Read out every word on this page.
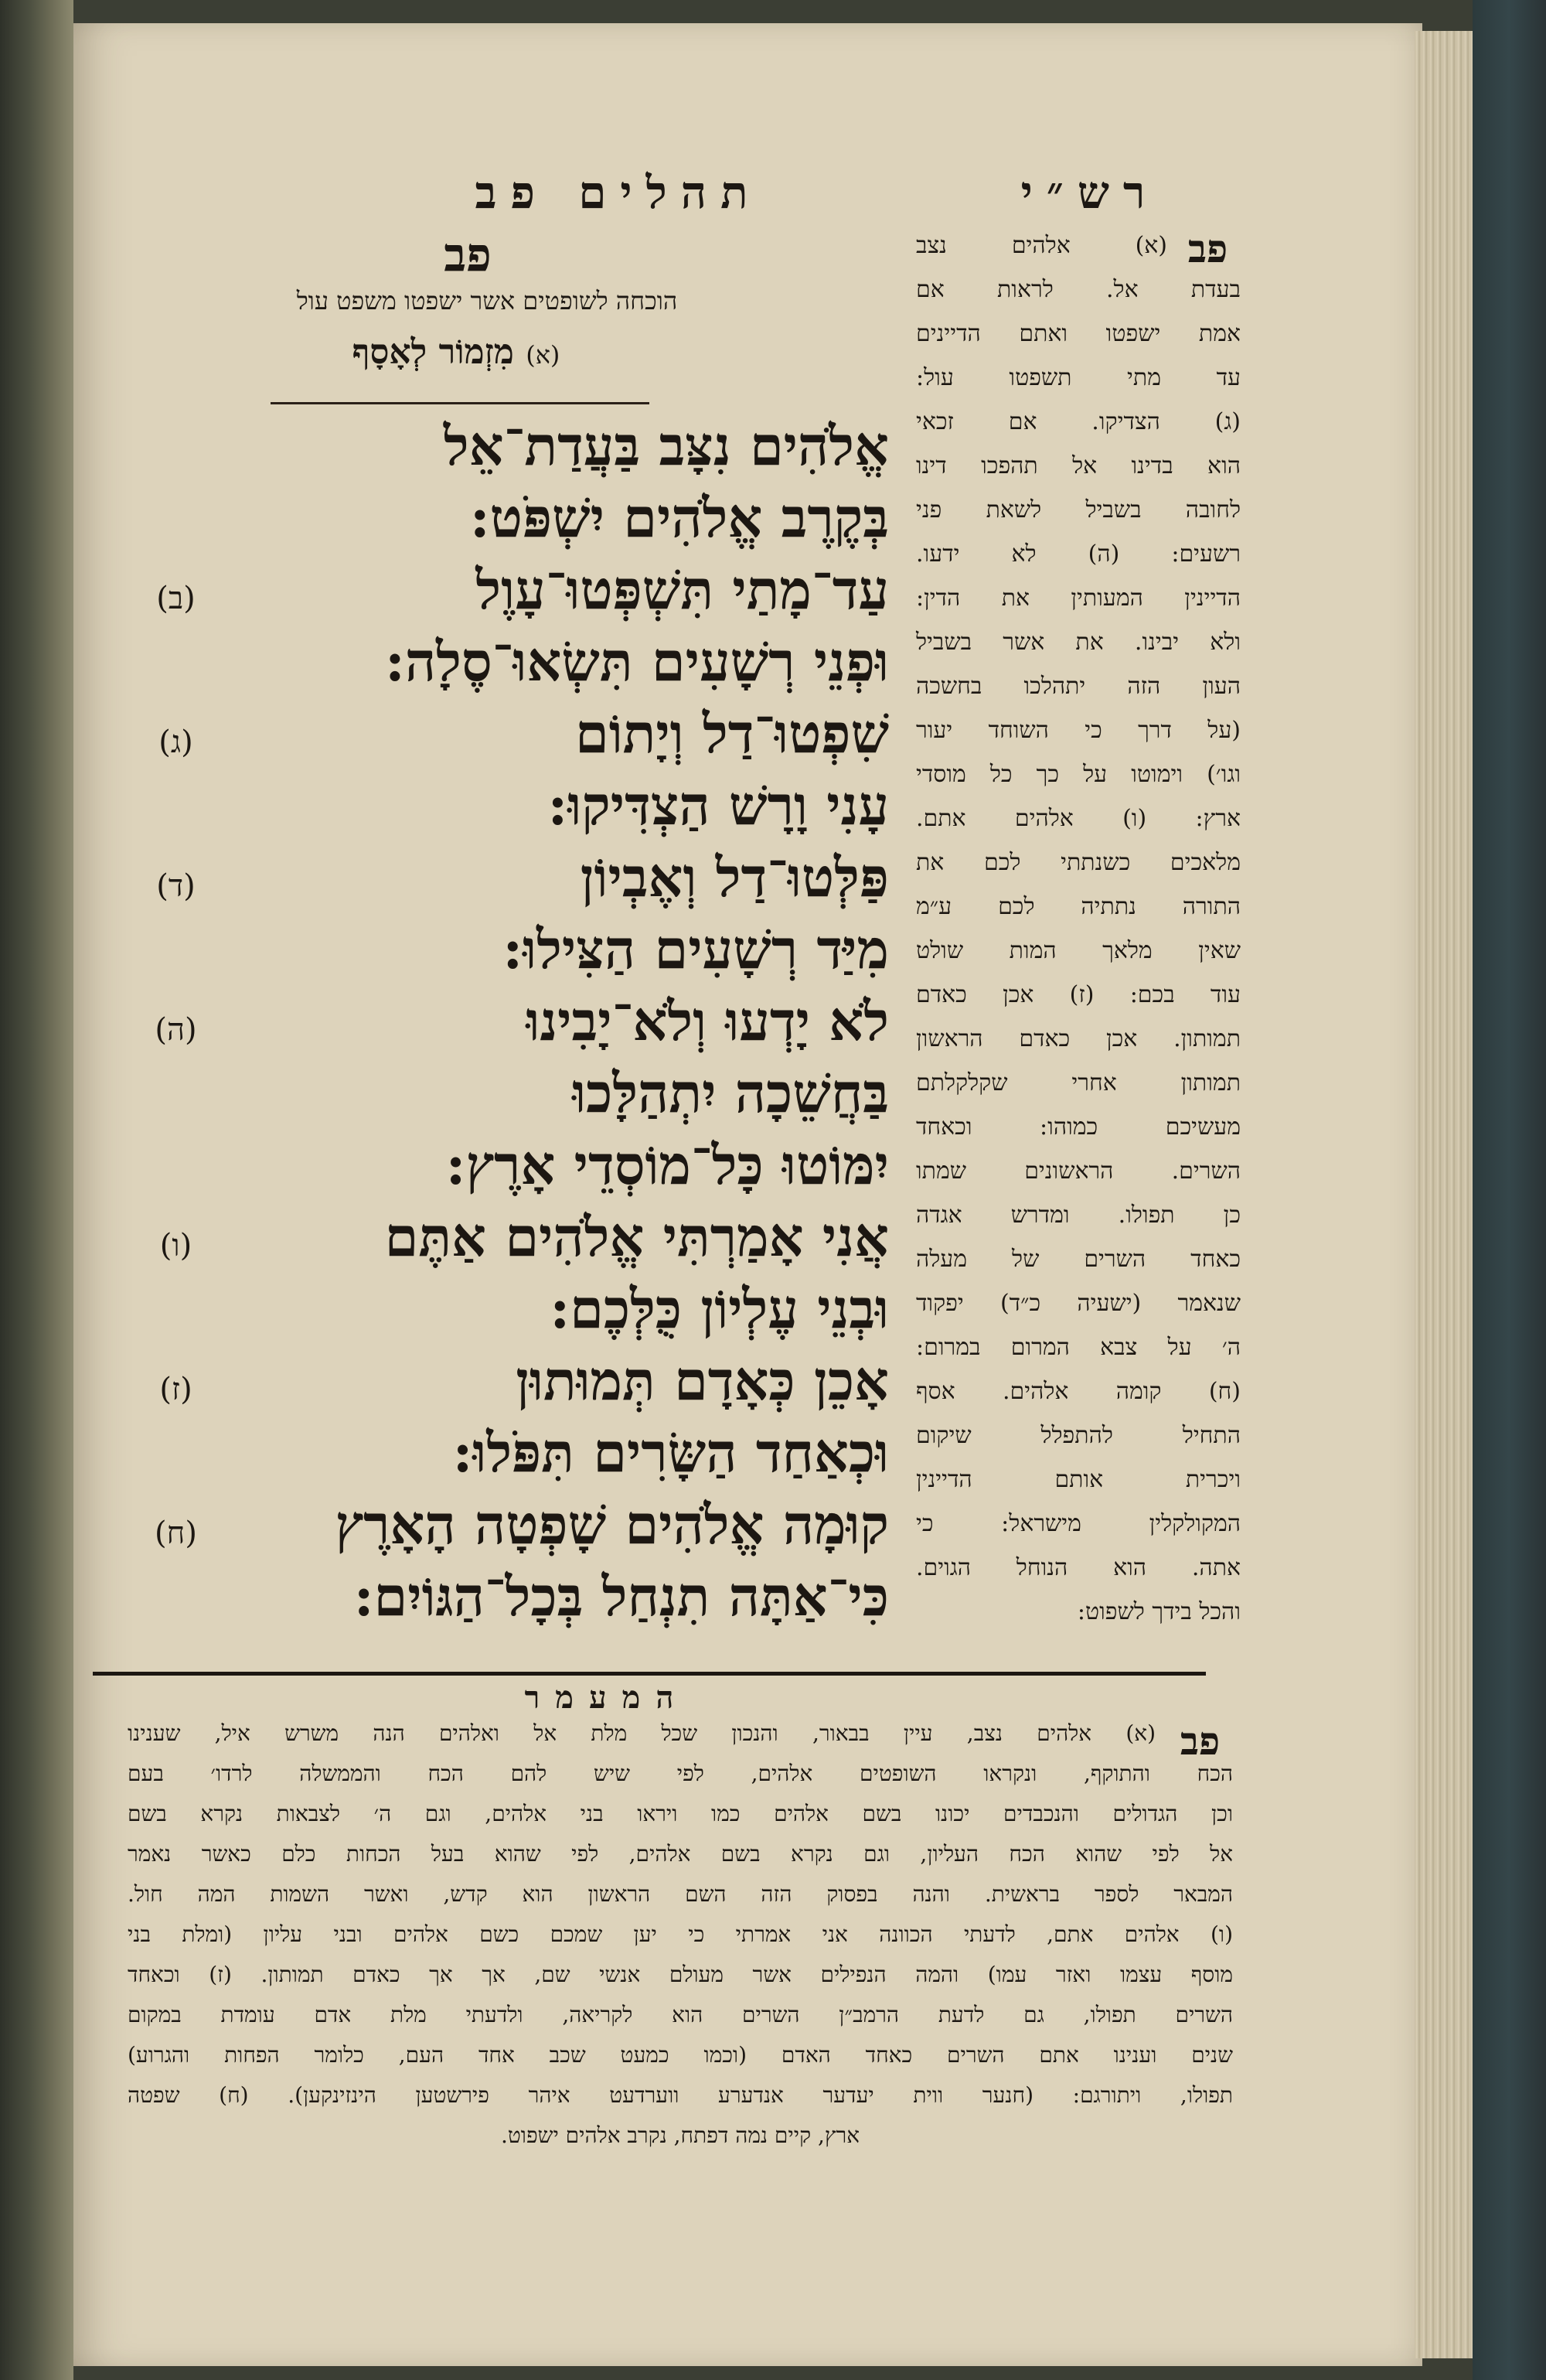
תהלים פב	רש״י
פב
הוכחה לשופטים אשר ישפטו משפט עול
(א) מִזְמוֹר לְאָסָף
אֱלֹהִים נִצָּב בַּעֲדַת־אֵל
בְּקֶרֶב אֱלֹהִים יִשְׁפֹּט:
(ב)	עַד־מָתַי תִּשְׁפְּטוּ־עָוֶל
וּפְנֵי רְשָׁעִים תִּשְׂאוּ־סֶלָה:
(ג)	שִׁפְטוּ־דַל וְיָתוֹם
עָנִי וָרָשׁ הַצְדִּיקוּ:
(ד)	פַּלְּטוּ־דַל וְאֶבְיוֹן
מִיַּד רְשָׁעִים הַצִּילוּ:
(ה)	לֹא יָדְעוּ וְלֹא־יָבִינוּ
בַּחֲשֵׁכָה יִתְהַלָּכוּ
יִמּוֹטוּ כָּל־מוֹסְדֵי אָרֶץ:
(ו)	אֲנִי אָמַרְתִּי אֱלֹהִים אַתֶּם
וּבְנֵי עֶלְיוֹן כֻּלְּכֶם:
(ז)	אָכֵן כְּאָדָם תְּמוּתוּן
וּכְאַחַד הַשָּׂרִים תִּפֹּלוּ:
(ח)	קוּמָה אֱלֹהִים שָׁפְטָה הָאָרֶץ
כִּי־אַתָּה תִנְחַל בְּכָל־הַגּוֹיִם:
פב
(א) אלהים נצב
בעדת אל. לראות אם
אמת ישפטו ואתם הדיינים
עד מתי תשפטו עול:
(ג) הצדיקו. אם זכאי
הוא בדינו אל תהפכו דינו
לחובה בשביל לשאת פני
רשעים: (ה) לא ידעו.
הדיינין המעותין את הדין:
ולא יבינו. את אשר בשביל
העון הזה יתהלכו בחשכה
(על דרך כי השוחד יעור
וגו׳) וימוטו על כך כל מוסדי
ארץ: (ו) אלהים אתם.
מלאכים כשנתתי לכם את
התורה נתתיה לכם ע״מ
שאין מלאך המות שולט
עוד בכם: (ז) אכן כאדם
תמותון. אכן כאדם הראשון
תמותון אחרי שקלקלתם
מעשיכם כמוהו: וכאחד
השרים. הראשונים שמתו
כן תפולו. ומדרש אגדה
כאחד השרים של מעלה
שנאמר (ישעיה כ״ד) יפקוד
ה׳ על צבא המרום במרום:
(ח) קומה אלהים. אסף
התחיל להתפלל שיקום
ויכרית אותם הדיינין
המקולקלין מישראל: כי
אתה. הוא הנוחל הגוים.
והכל בידך לשפוט:
המעמר
פב
(א) אלהים נצב, עיין בבאור, והנכון שכל מלת אל ואלהים הנה משרש איל, שענינו
הכח והתוקף, ונקראו השופטים אלהים, לפי שיש להם הכח והממשלה לרדו׳ בעם
וכן הגדולים והנכבדים יכונו בשם אלהים כמו ויראו בני אלהים, וגם ה׳ לצבאות נקרא בשם
אל לפי שהוא הכח העליון, וגם נקרא בשם אלהים, לפי שהוא בעל הכחות כלם כאשר נאמר
המבאר לספר בראשית. והנה בפסוק הזה השם הראשון הוא קדש, ואשר השמות המה חול.
(ו) אלהים אתם, לדעתי הכוונה אני אמרתי כי יען שמכם כשם אלהים ובני עליון (ומלת בני
מוסף עצמו ואזר עמו) והמה הנפילים אשר מעולם אנשי שם, אך אך כאדם תמותון. (ז) וכאחד
השרים תפולו, גם לדעת הרמב״ן השרים הוא לקריאה, ולדעתי מלת אדם עומדת במקום
שנים וענינו אתם השרים כאחד האדם (וכמו כמעט שכב אחד העם, כלומר הפחות והגרוע)
תפולו, ויתורגם: (חנער ווית יעדער אנדערע ווערדעט איהר פירשטען הינזינקען). (ח) שפטה
ארץ, קיים נמה דפתח, נקרב אלהים ישפוט.
